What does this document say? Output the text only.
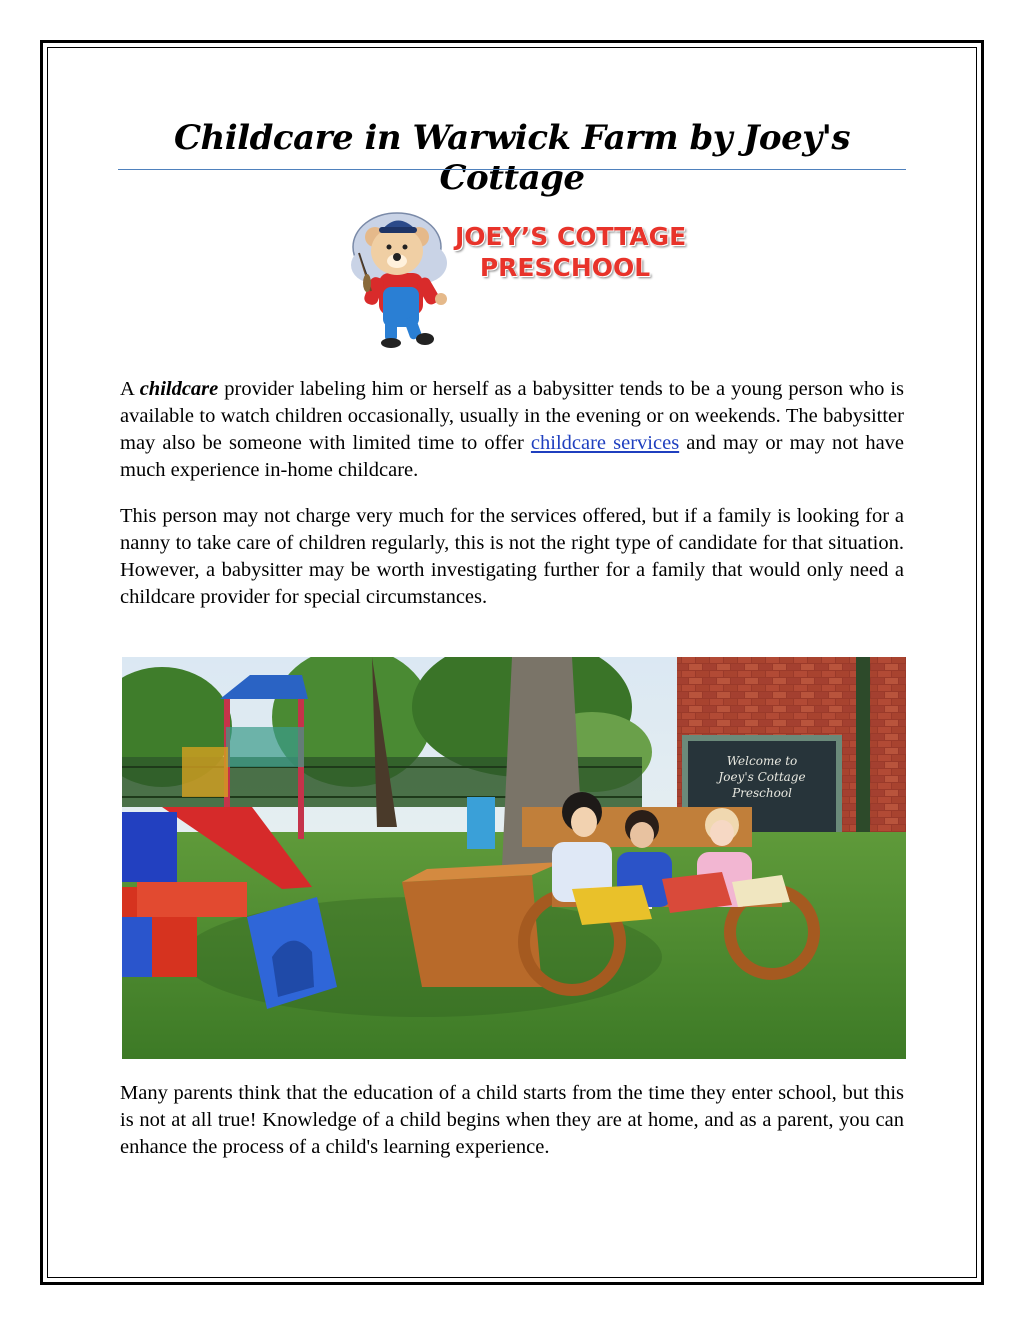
Childcare in Warwick Farm by Joey's Cottage
JOEY’S COTTAGE
PRESCHOOL

A childcare provider labeling him or herself as a babysitter tends to be a young person who is available to watch children occasionally, usually in the evening or on weekends. The babysitter may also be someone with limited time to offer childcare services and may or may not have much experience in-home childcare.

This person may not charge very much for the services offered, but if a family is looking for a nanny to take care of children regularly, this is not the right type of candidate for that situation. However, a babysitter may be worth investigating further for a family that would only need a childcare provider for special circumstances.

Welcome to
Joey's Cottage
Preschool

Many parents think that the education of a child starts from the time they enter school, but this is not at all true! Knowledge of a child begins when they are at home, and as a parent, you can enhance the process of a child's learning experience.
